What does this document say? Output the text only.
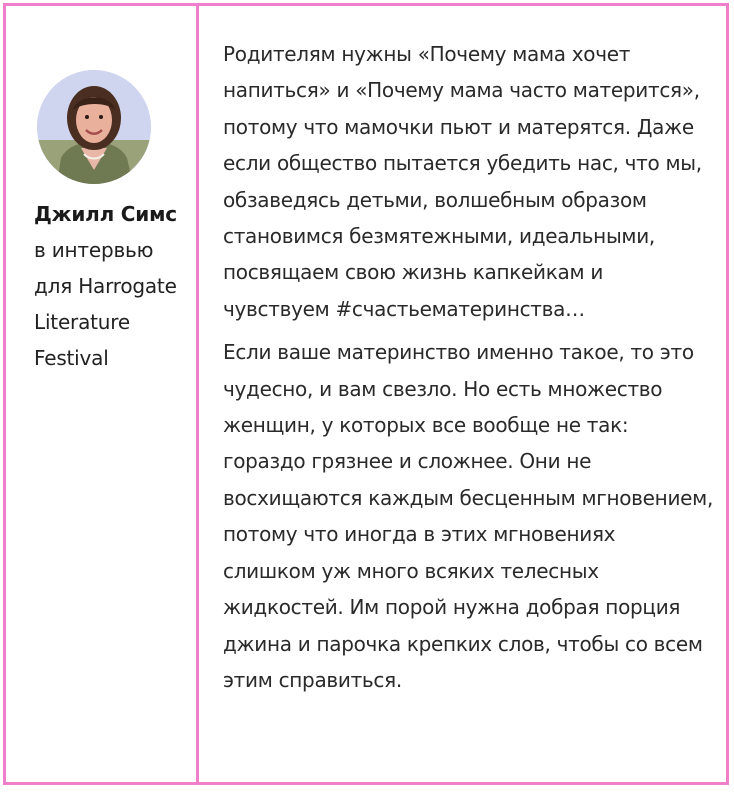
Джилл Симс в интервью для Harrogate Literature Festival

Родителям нужны «Почему мама хочет напиться» и «Почему мама часто матерится», потому что мамочки пьют и матерятся. Даже если общество пытается убедить нас, что мы, обзаведясь детьми, волшебным образом становимся безмятежными, идеальными, посвящаем свою жизнь капкейкам и чувствуем #счастьематеринства…

Если ваше материнство именно такое, то это чудесно, и вам свезло. Но есть множество женщин, у которых все вообще не так: гораздо грязнее и сложнее. Они не восхищаются каждым бесценным мгновением, потому что иногда в этих мгновениях слишком уж много всяких телесных жидкостей. Им порой нужна добрая порция джина и парочка крепких слов, чтобы со всем этим справиться.
